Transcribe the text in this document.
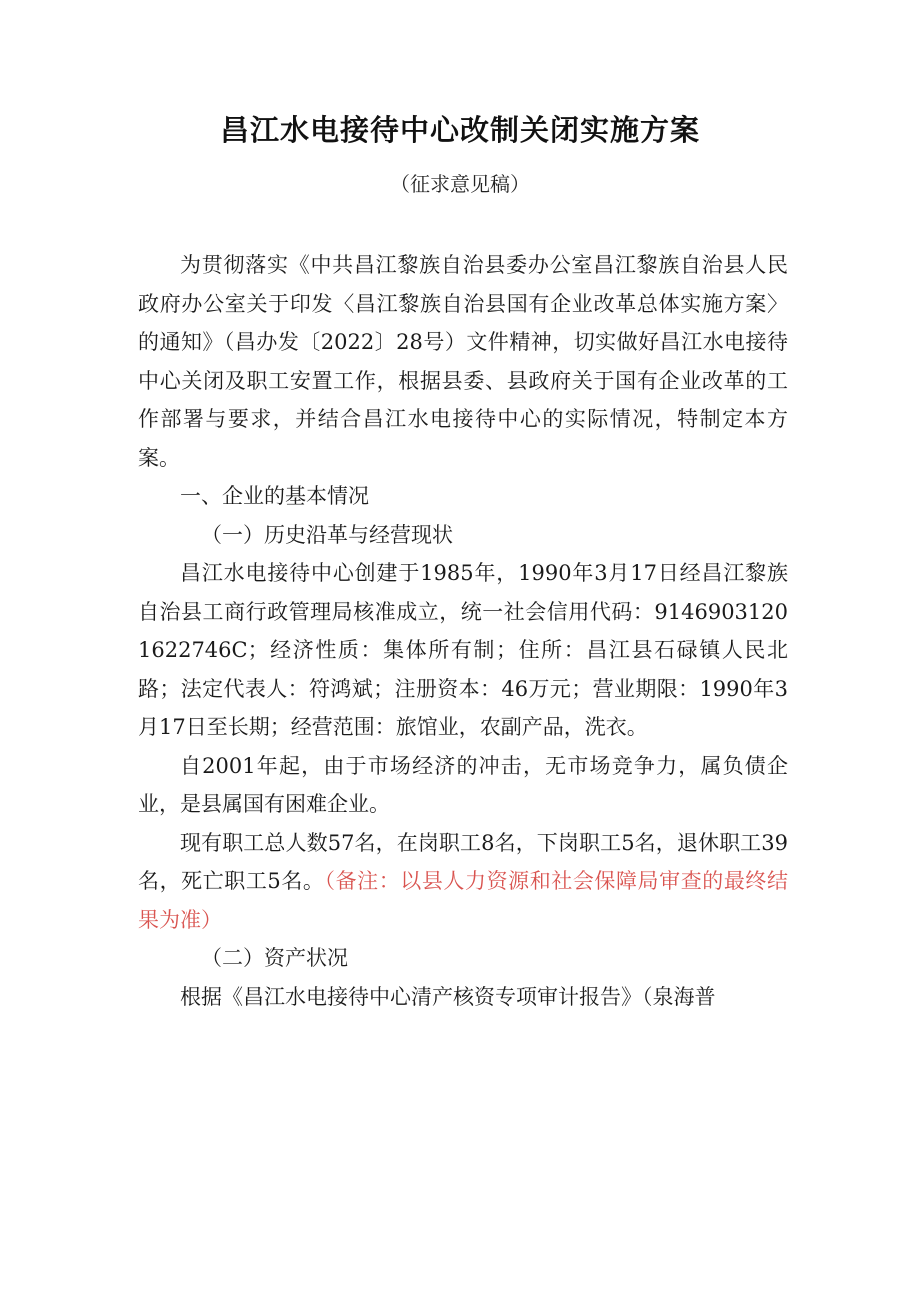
昌江水电接待中心改制关闭实施方案
（征求意见稿）

为贯彻落实《中共昌江黎族自治县委办公室昌江黎族自治县人民政府办公室关于印发〈昌江黎族自治县国有企业改革总体实施方案〉的通知》（昌办发〔2022〕28号）文件精神，切实做好昌江水电接待中心关闭及职工安置工作，根据县委、县政府关于国有企业改革的工作部署与要求，并结合昌江水电接待中心的实际情况，特制定本方案。

一、企业的基本情况

（一）历史沿革与经营现状

昌江水电接待中心创建于1985年，1990年3月17日经昌江黎族自治县工商行政管理局核准成立，统一社会信用代码：91469031201622746C；经济性质：集体所有制；住所：昌江县石碌镇人民北路；法定代表人：符鸿斌；注册资本：46万元；营业期限：1990年3月17日至长期；经营范围：旅馆业，农副产品，洗衣。

自2001年起，由于市场经济的冲击，无市场竞争力，属负债企业，是县属国有困难企业。

现有职工总人数57名，在岗职工8名，下岗职工5名，退休职工39名，死亡职工5名。（备注：以县人力资源和社会保障局审查的最终结果为准）

（二）资产状况

根据《昌江水电接待中心清产核资专项审计报告》（泉海普
